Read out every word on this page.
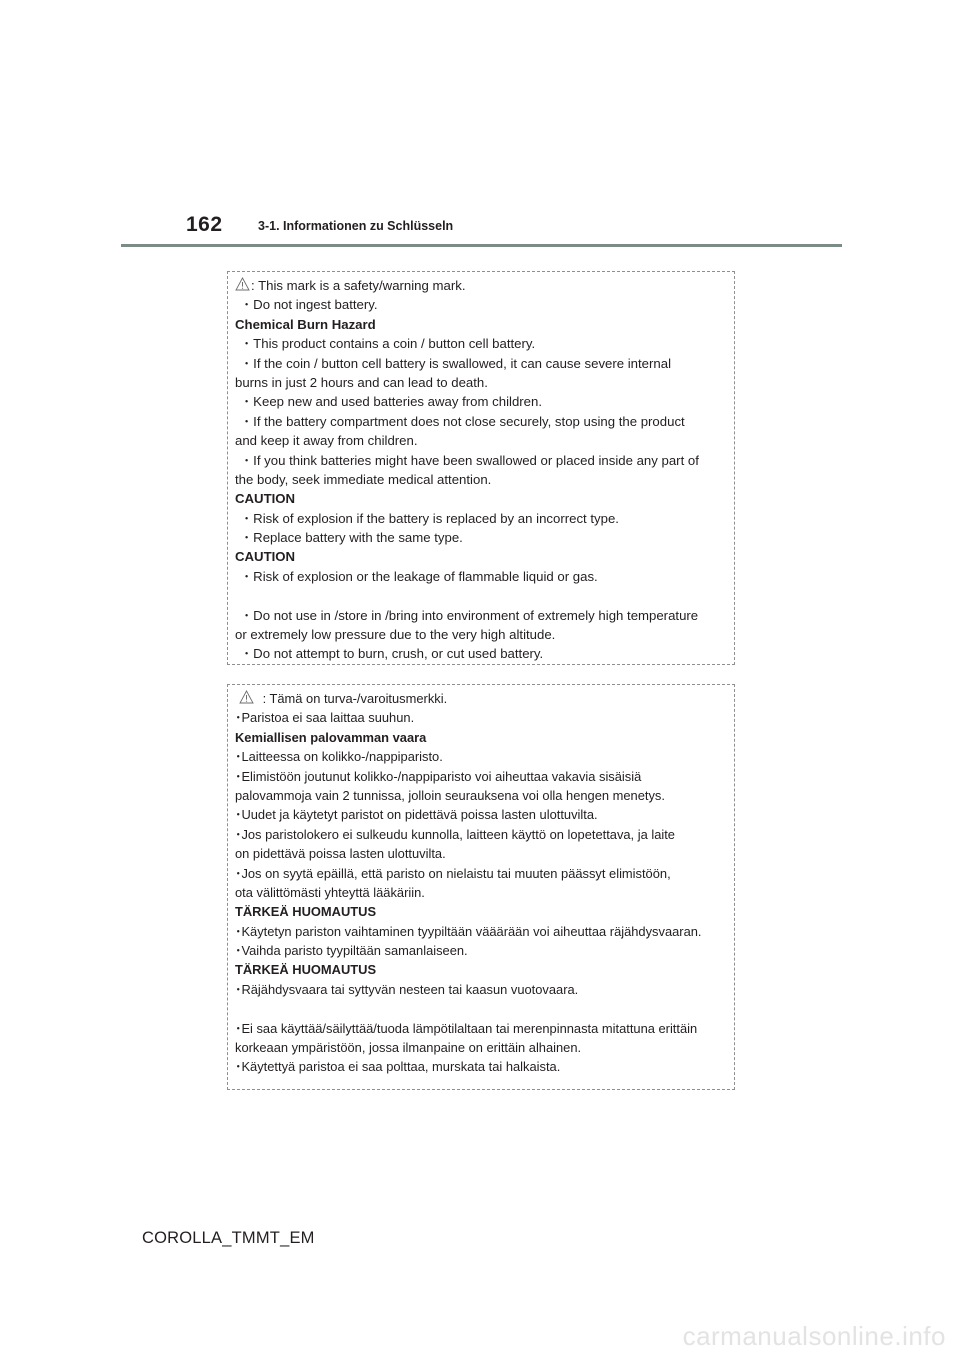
162	3-1. Informationen zu Schlüsseln
: This mark is a safety/warning mark.
・Do not ingest battery.
Chemical Burn Hazard
・This product contains a coin / button cell battery.
・If the coin / button cell battery is swallowed, it can cause severe internal
burns in just 2 hours and can lead to death.
・Keep new and used batteries away from children.
・If the battery compartment does not close securely, stop using the product
and keep it away from children.
・If you think batteries might have been swallowed or placed inside any part of
the body, seek immediate medical attention.
CAUTION
・Risk of explosion if the battery is replaced by an incorrect type.
・Replace battery with the same type.
CAUTION
・Risk of explosion or the leakage of flammable liquid or gas.
・Do not use in /store in /bring into environment of extremely high temperature
or extremely low pressure due to the very high altitude.
・Do not attempt to burn, crush, or cut used battery.
: Tämä on turva-/varoitusmerkki.
･Paristoa ei saa laittaa suuhun.
Kemiallisen palovamman vaara
･Laitteessa on kolikko-/nappiparisto.
･Elimistöön joutunut kolikko-/nappiparisto voi aiheuttaa vakavia sisäisiä
palovammoja vain 2 tunnissa, jolloin seurauksena voi olla hengen menetys.
･Uudet ja käytetyt paristot on pidettävä poissa lasten ulottuvilta.
･Jos paristolokero ei sulkeudu kunnolla, laitteen käyttö on lopetettava, ja laite
on pidettävä poissa lasten ulottuvilta.
･Jos on syytä epäillä, että paristo on nielaistu tai muuten päässyt elimistöön,
ota välittömästi yhteyttä lääkäriin.
TÄRKEÄ HUOMAUTUS
･Käytetyn pariston vaihtaminen tyypiltään vääärään voi aiheuttaa räjähdysvaaran.
･Vaihda paristo tyypiltään samanlaiseen.
TÄRKEÄ HUOMAUTUS
･Räjähdysvaara tai syttyvän nesteen tai kaasun vuotovaara.
･Ei saa käyttää/säilyttää/tuoda lämpötilaltaan tai merenpinnasta mitattuna erittäin
korkeaan ympäristöön, jossa ilmanpaine on erittäin alhainen.
･Käytettyä paristoa ei saa polttaa, murskata tai halkaista.
COROLLA_TMMT_EM
carmanualsonline.info
